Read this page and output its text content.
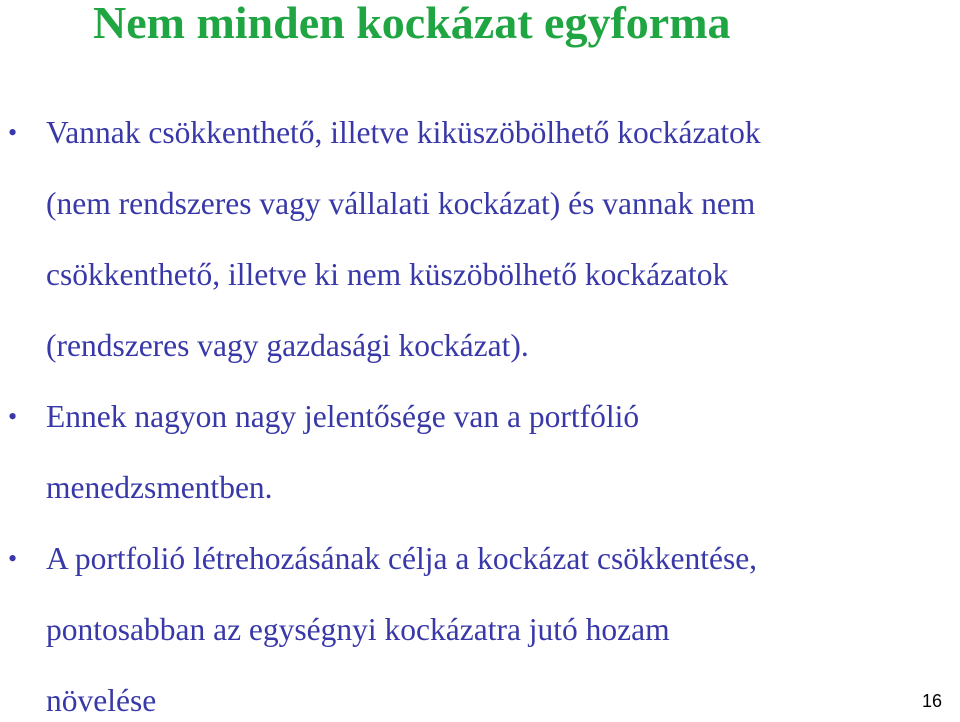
Nem minden kockázat egyforma
• Vannak csökkenthető, illetve kiküszöbölhető kockázatok
(nem rendszeres vagy vállalati kockázat) és vannak nem
csökkenthető, illetve ki nem küszöbölhető kockázatok
(rendszeres vagy gazdasági kockázat).
• Ennek nagyon nagy jelentősége van a portfólió
menedzsmentben.
• A portfolió létrehozásának célja a kockázat csökkentése,
pontosabban az egységnyi kockázatra jutó hozam
növelése	16
